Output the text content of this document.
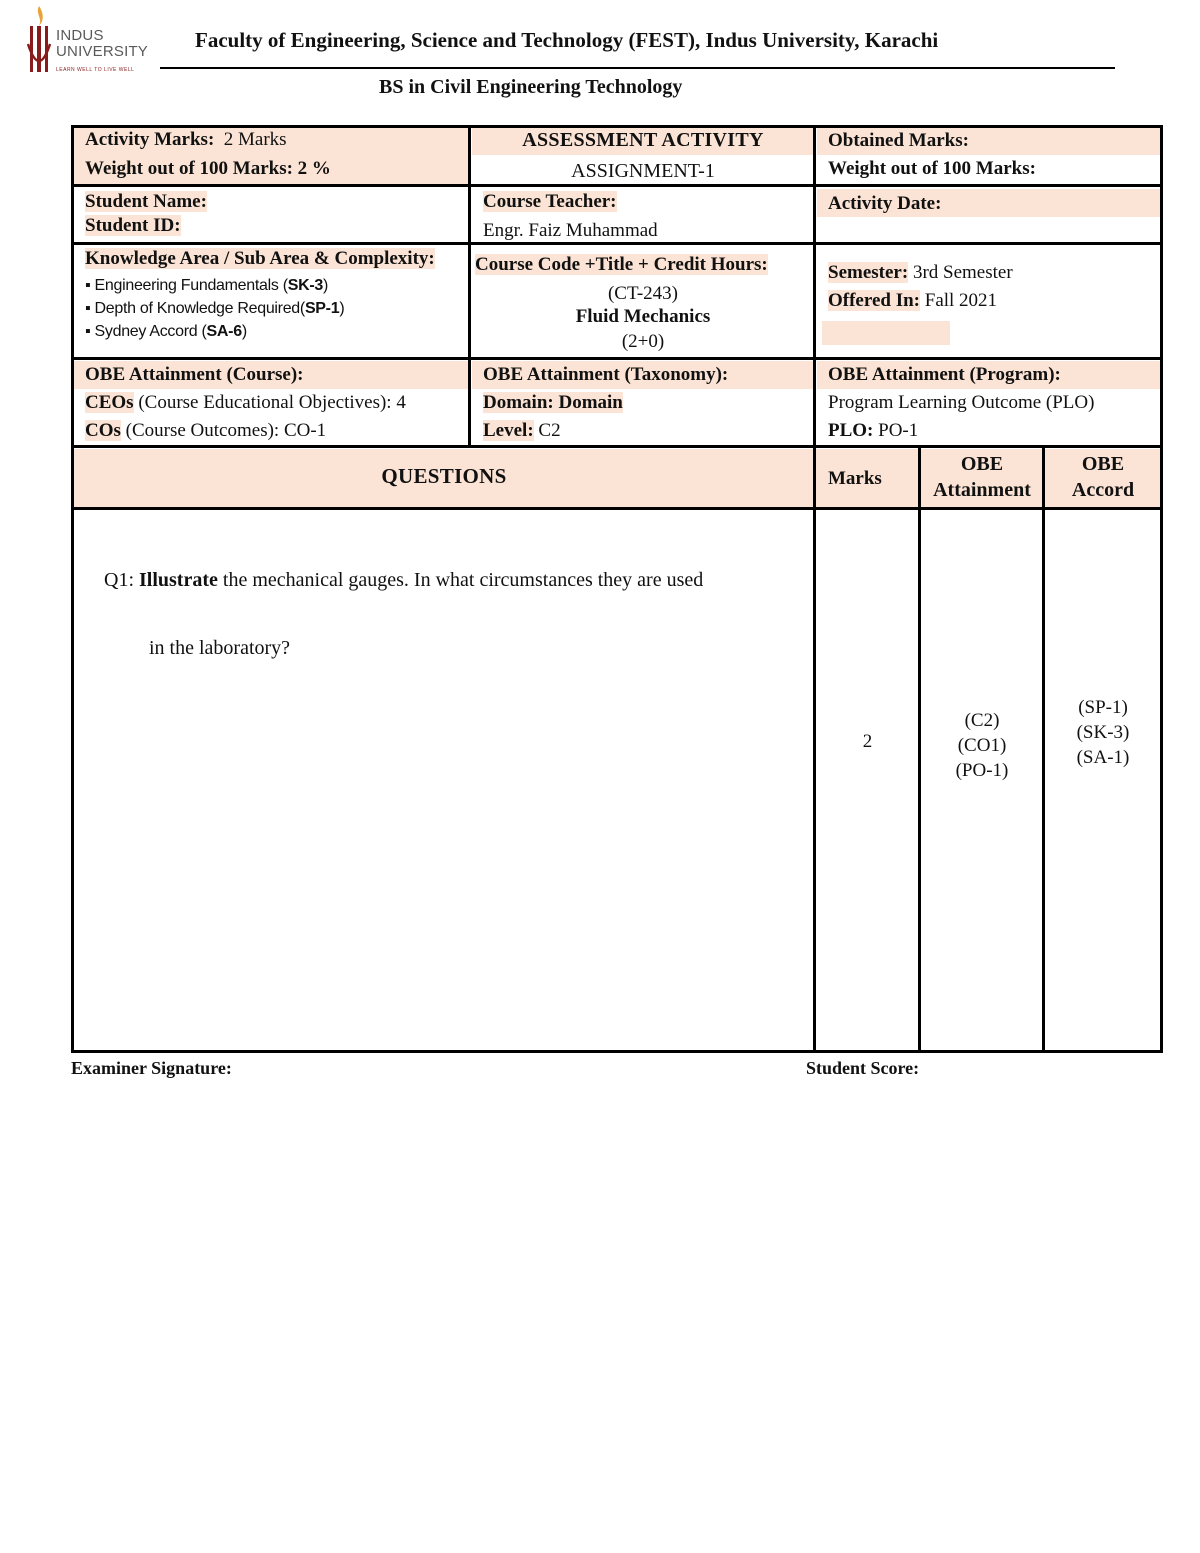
INDUS
UNIVERSITY
LEARN WELL TO LIVE WELL
Faculty of Engineering, Science and Technology (FEST), Indus University, Karachi
BS in Civil Engineering Technology
Activity Marks: 2 Marks
Weight out of 100 Marks: 2 %
ASSESSMENT ACTIVITY
ASSIGNMENT-1
Obtained Marks:
Weight out of 100 Marks:
Student Name:
Student ID:
Course Teacher:
Engr. Faiz Muhammad
Activity Date:
Knowledge Area / Sub Area & Complexity:
▪ Engineering Fundamentals (SK-3)
▪ Depth of Knowledge Required(SP-1)
▪ Sydney Accord (SA-6)
Course Code +Title + Credit Hours:
(CT-243)
Fluid Mechanics
(2+0)
Semester: 3rd Semester
Offered In: Fall 2021
OBE Attainment (Course):
CEOs (Course Educational Objectives): 4
COs (Course Outcomes): CO-1
OBE Attainment (Taxonomy):
Domain: Domain
Level: C2
OBE Attainment (Program):
Program Learning Outcome (PLO)
PLO: PO-1
QUESTIONS	Marks
OBE
Attainment
OBE
Accord
Q1: Illustrate the mechanical gauges. In what circumstances they are used
in the laboratory?
2
(C2)
(CO1)
(PO-1)
(SP-1)
(SK-3)
(SA-1)
Examiner Signature:	Student Score:
